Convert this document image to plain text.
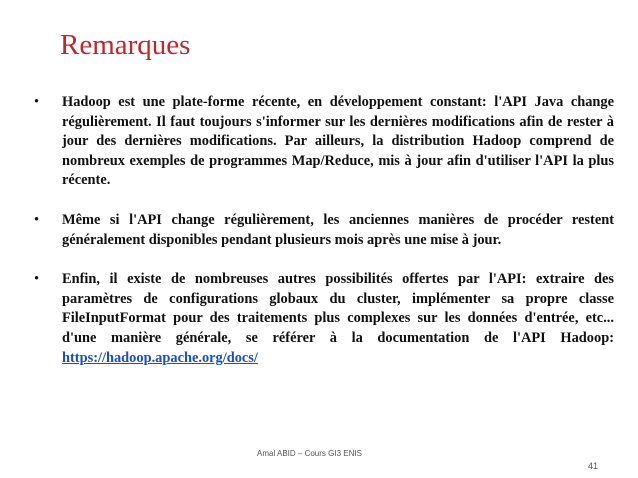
Remarques
• Hadoop est une plate-forme récente, en développement constant: l'API Java change régulièrement. Il faut toujours s'informer sur les dernières modifications afin de rester à jour des dernières modifications. Par ailleurs, la distribution Hadoop comprend de nombreux exemples de programmes Map/Reduce, mis à jour afin d'utiliser l'API la plus récente.
• Même si l'API change régulièrement, les anciennes manières de procéder restent généralement disponibles pendant plusieurs mois après une mise à jour.
• Enfin, il existe de nombreuses autres possibilités offertes par l'API: extraire des paramètres de configurations globaux du cluster, implémenter sa propre classe FileInputFormat pour des traitements plus complexes sur les données d'entrée, etc... d'une manière générale, se référer à la documentation de l'API Hadoop: https://hadoop.apache.org/docs/
Amal ABID – Cours GI3 ENIS
41
